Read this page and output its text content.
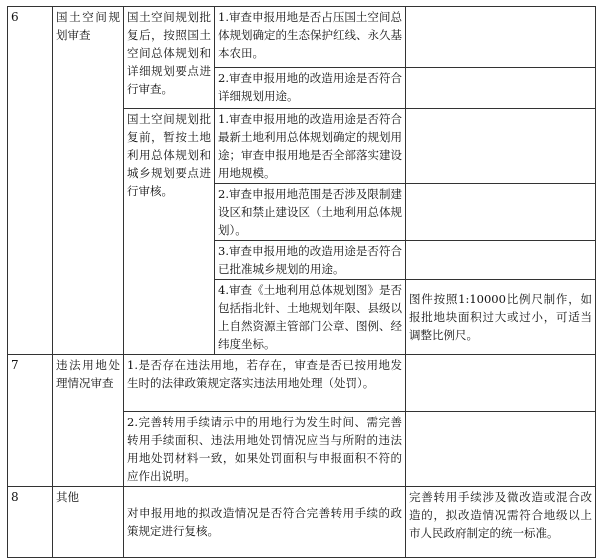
6	国土空间规划审查	国土空间规划批复后，按照国土空间总体规划和详细规划要点进行审查。	1.审查申报用地是否占压国土空间总体规划确定的生态保护红线、永久基本农田。	
			2.审查申报用地的改造用途是否符合详细规划用途。	
		国土空间规划批复前，暂按土地利用总体规划和城乡规划要点进行审核。	1.审查申报用地的改造用途是否符合最新土地利用总体规划确定的规划用途；审查申报用地是否全部落实建设用地规模。	
			2.审查申报用地范围是否涉及限制建设区和禁止建设区（土地利用总体规划）。	
			3.审查申报用地的改造用途是否符合已批准城乡规划的用途。	
			4.审查《土地利用总体规划图》是否包括指北针、土地规划年限、县级以上自然资源主管部门公章、图例、经纬度坐标。	图件按照1:10000比例尺制作，如报批地块面积过大或过小，可适当调整比例尺。

7	违法用地处理情况审查	1.是否存在违法用地，若存在，审查是否已按用地发生时的法律政策规定落实违法用地处理（处罚）。		
		2.完善转用手续请示中的用地行为发生时间、需完善转用手续面积、违法用地处罚情况应当与所附的违法用地处罚材料一致，如果处罚面积与申报面积不符的应作出说明。		
8	其他	对申报用地的拟改造情况是否符合完善转用手续的政策规定进行复核。		完善转用手续涉及微改造或混合改造的，拟改造情况需符合地级以上市人民政府制定的统一标准。
